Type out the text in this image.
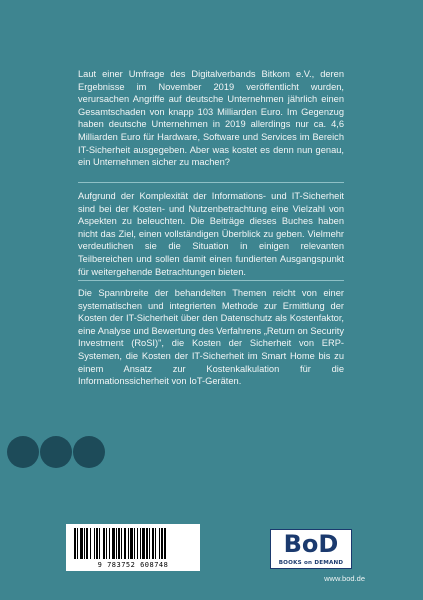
Laut einer Umfrage des Digitalverbands Bitkom e.V., deren Ergebnisse im November 2019 veröffentlicht wurden, verursachen Angriffe auf deutsche Unternehmen jährlich einen Gesamtschaden von knapp 103 Milliarden Euro. Im Gegenzug haben deutsche Unternehmen in 2019 allerdings nur ca. 4,6 Milliarden Euro für Hardware, Software und Services im Bereich IT-Sicherheit ausgegeben. Aber was kostet es denn nun genau, ein Unternehmen sicher zu machen?

Aufgrund der Komplexität der Informations- und IT-Sicherheit sind bei der Kosten- und Nutzenbetrachtung eine Vielzahl von Aspekten zu beleuchten. Die Beiträge dieses Buches haben nicht das Ziel, einen vollständigen Überblick zu geben. Vielmehr verdeutlichen sie die Situation in einigen relevanten Teilbereichen und sollen damit einen fundierten Ausgangspunkt für weitergehende Betrachtungen bieten.

Die Spannbreite der behandelten Themen reicht von einer systematischen und integrierten Methode zur Ermittlung der Kosten der IT-Sicherheit über den Datenschutz als Kostenfaktor, eine Analyse und Bewertung des Verfahrens „Return on Security Investment (RoSI)", die Kosten der Sicherheit von ERP-Systemen, die Kosten der IT-Sicherheit im Smart Home bis zu einem Ansatz zur Kostenkalkulation für die Informationssicherheit von IoT-Geräten.

9 783752 608748
BoD
BOOKS on DEMAND
www.bod.de
